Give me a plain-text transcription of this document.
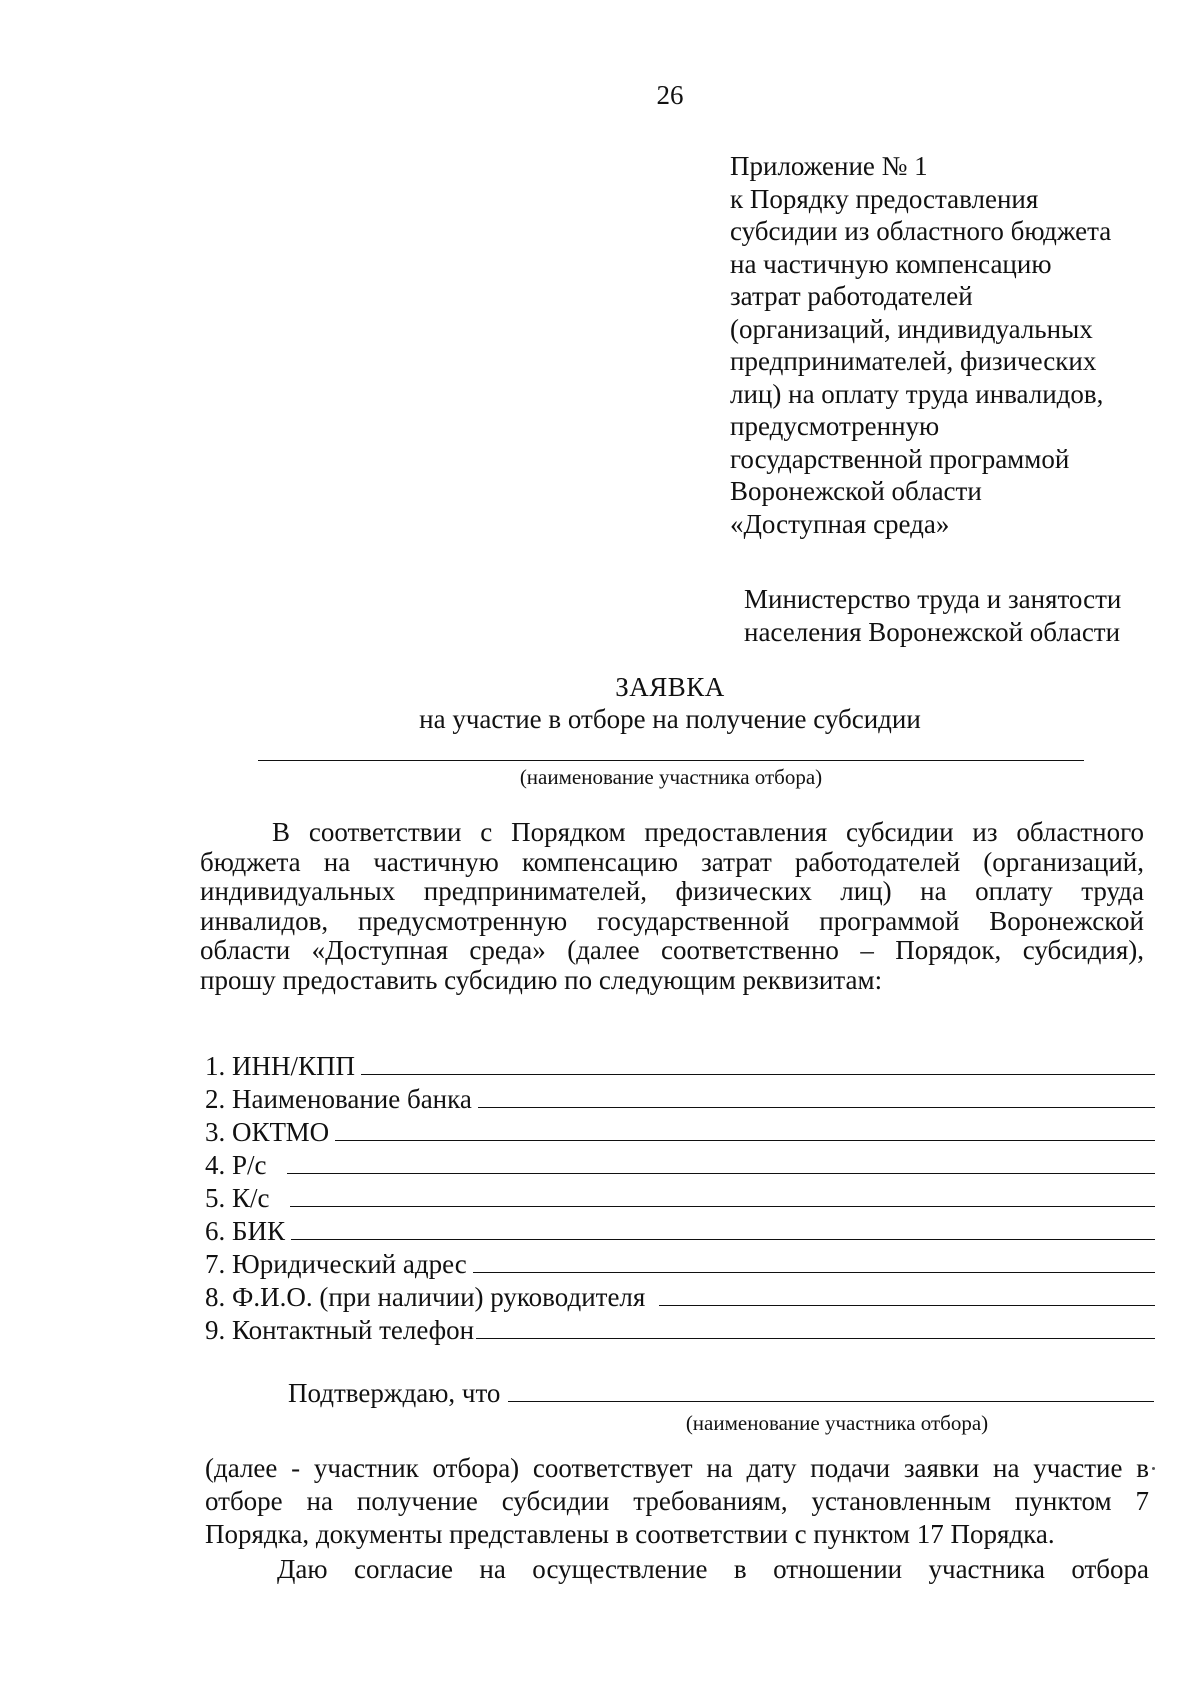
26
Приложение № 1
к Порядку предоставления
субсидии из областного бюджета
на частичную компенсацию
затрат работодателей
(организаций, индивидуальных
предпринимателей, физических
лиц) на оплату труда инвалидов,
предусмотренную
государственной программой
Воронежской области
«Доступная среда»
Министерство труда и занятости
населения Воронежской области
ЗАЯВКА
на участие в отборе на получение субсидии
(наименование участника отбора)
В соответствии с Порядком предоставления субсидии из областного
бюджета на частичную компенсацию затрат работодателей (организаций,
индивидуальных предпринимателей, физических лиц) на оплату труда
инвалидов, предусмотренную государственной программой Воронежской
области «Доступная среда» (далее соответственно – Порядок, субсидия),
прошу предоставить субсидию по следующим реквизитам:
1. ИНН/КПП
2. Наименование банка
3. ОКТМО
4. Р/с
5. К/с
6. БИК
7. Юридический адрес
8. Ф.И.О. (при наличии) руководителя
9. Контактный телефон
Подтверждаю, что
(наименование участника отбора)
(далее - участник отбора) соответствует на дату подачи заявки на участие в
отборе на получение субсидии требованиям, установленным пунктом 7
Порядка, документы представлены в соответствии с пунктом 17 Порядка.
Даю согласие на осуществление в отношении участника отбора
